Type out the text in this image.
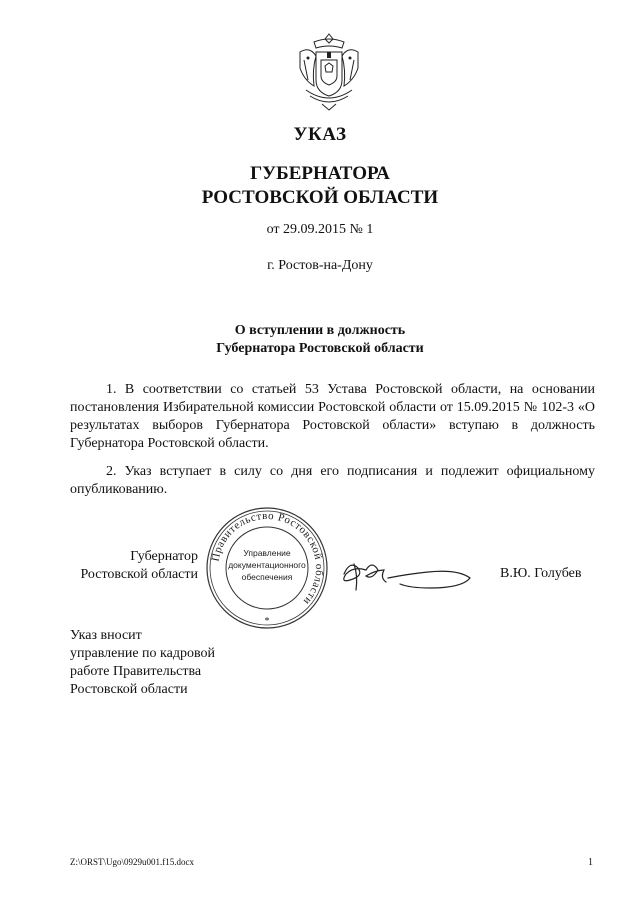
УКАЗ
ГУБЕРНАТОРА
РОСТОВСКОЙ ОБЛАСТИ
от 29.09.2015 № 1
г. Ростов-на-Дону
О вступлении в должность
Губернатора Ростовской области
1. В соответствии со статьей 53 Устава Ростовской области, на основании постановления Избирательной комиссии Ростовской области от 15.09.2015 № 102-3 «О результатах выборов Губернатора Ростовской области» вступаю в должность Губернатора Ростовской области.
2. Указ вступает в силу со дня его подписания и подлежит официальному опубликованию.
Губернатор
Ростовской области
Правительство Ростовской области
Управление
документационного
обеспечения
*
В.Ю. Голубев
Указ вносит
управление по кадровой
работе Правительства
Ростовской области
Z:\ORST\Ugo\0929u001.f15.docx	1
